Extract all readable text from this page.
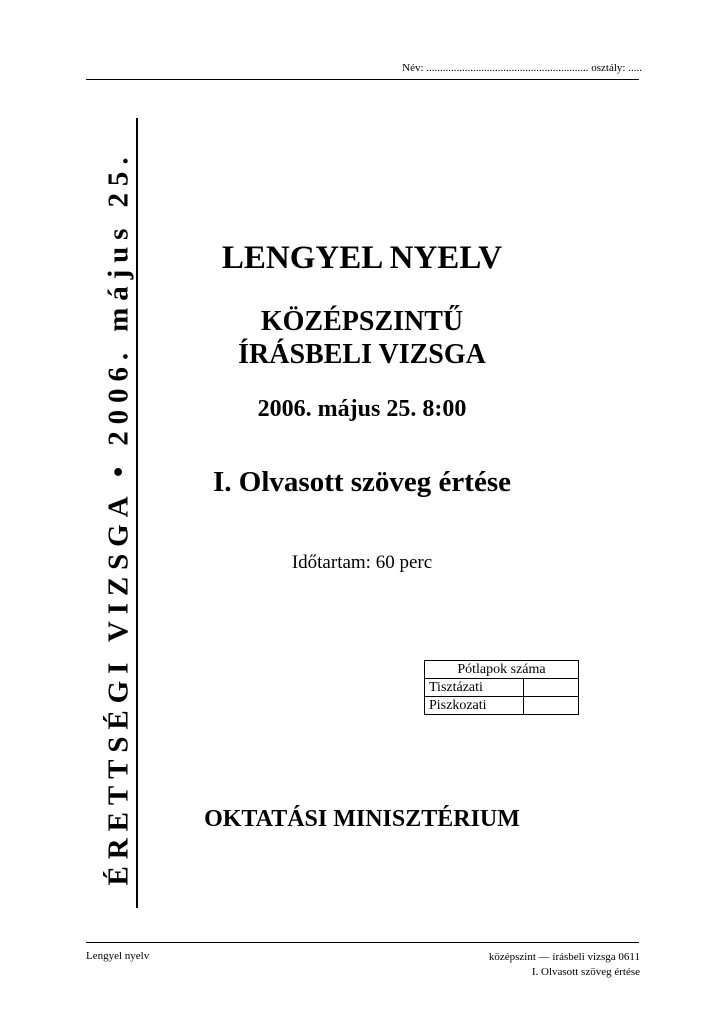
Név: ........................................................... osztály: .....
ÉRETTSÉGI VIZSGA • 2006. május 25.	LENGYEL NYELV
KÖZÉPSZINTŰ
ÍRÁSBELI VIZSGA
2006. május 25. 8:00
I. Olvasott szöveg értése
Időtartam: 60 perc
Pótlapok száma	
Tisztázati	
Piszkozati	
OKTATÁSI MINISZTÉRIUM
Lengyel nyelv	középszint — írásbeli vizsga 0611
I. Olvasott szöveg értése
